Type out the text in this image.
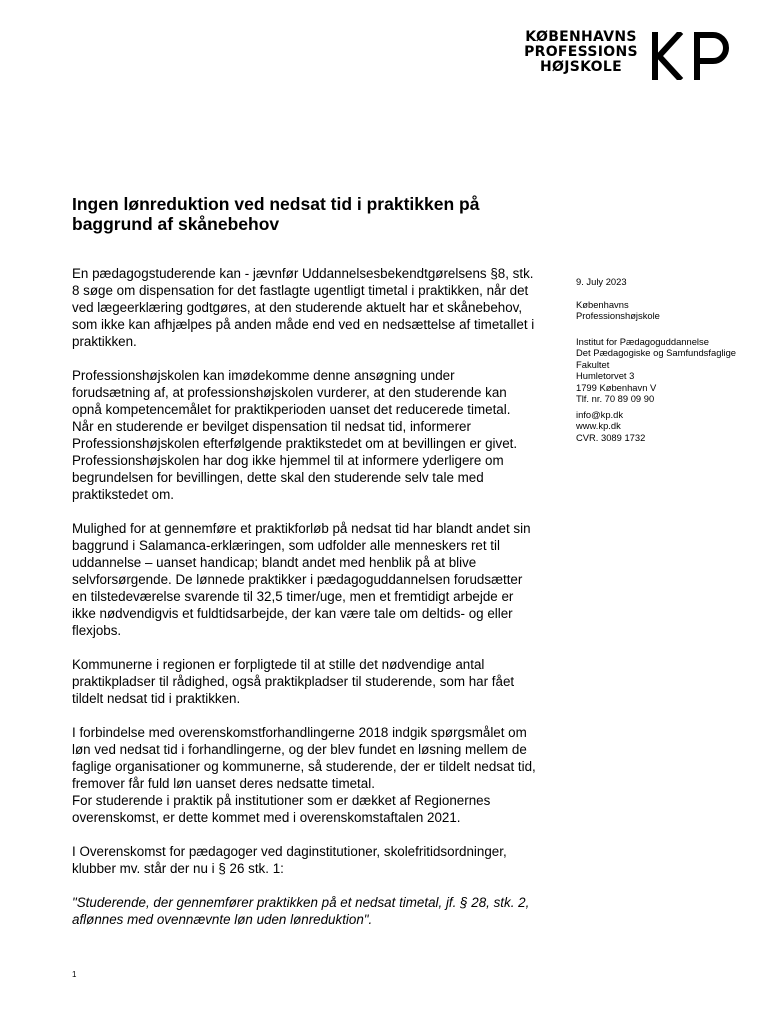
KØBENHAVNS
PROFESSIONS
HØJSKOLE
Ingen lønreduktion ved nedsat tid i praktikken på baggrund af skånebehov

En pædagogstuderende kan - jævnfør Uddannelsesbekendtgørelsens §8, stk. 8 søge om dispensation for det fastlagte ugentligt timetal i praktikken, når det ved lægeerklæring godtgøres, at den studerende aktuelt har et skånebehov, som ikke kan afhjælpes på anden måde end ved en nedsættelse af timetallet i praktikken.

Professionshøjskolen kan imødekomme denne ansøgning under forudsætning af, at professionshøjskolen vurderer, at den studerende kan opnå kompetencemålet for praktikperioden uanset det reducerede timetal.

Når en studerende er bevilget dispensation til nedsat tid, informerer Professionshøjskolen efterfølgende praktikstedet om at bevillingen er givet.

Professionshøjskolen har dog ikke hjemmel til at informere yderligere om begrundelsen for bevillingen, dette skal den studerende selv tale med praktikstedet om.

Mulighed for at gennemføre et praktikforløb på nedsat tid har blandt andet sin baggrund i Salamanca-erklæringen, som udfolder alle menneskers ret til uddannelse – uanset handicap; blandt andet med henblik på at blive selvforsørgende. De lønnede praktikker i pædagoguddannelsen forudsætter en tilstedeværelse svarende til 32,5 timer/uge, men et fremtidigt arbejde er ikke nødvendigvis et fuldtidsarbejde, der kan være tale om deltids- og eller flexjobs.

Kommunerne i regionen er forpligtede til at stille det nødvendige antal praktikpladser til rådighed, også praktikpladser til studerende, som har fået tildelt nedsat tid i praktikken.

I forbindelse med overenskomstforhandlingerne 2018 indgik spørgsmålet om løn ved nedsat tid i forhandlingerne, og der blev fundet en løsning mellem de faglige organisationer og kommunerne, så studerende, der er tildelt nedsat tid, fremover får fuld løn uanset deres nedsatte timetal.

For studerende i praktik på institutioner som er dækket af Regionernes overenskomst, er dette kommet med i overenskomstaftalen 2021.

I Overenskomst for pædagoger ved daginstitutioner, skolefritidsordninger, klubber mv. står der nu i § 26 stk. 1:

"Studerende, der gennemfører praktikken på et nedsat timetal, jf. § 28, stk. 2, aflønnes med ovennævnte løn uden lønreduktion".

9. July 2023
Københavns
Professionshøjskole
Institut for Pædagoguddannelse
Det Pædagogiske og Samfundsfaglige
Fakultet
Humletorvet 3
1799 København V
Tlf. nr. 70 89 09 90
info@kp.dk
www.kp.dk
CVR. 3089 1732
1
